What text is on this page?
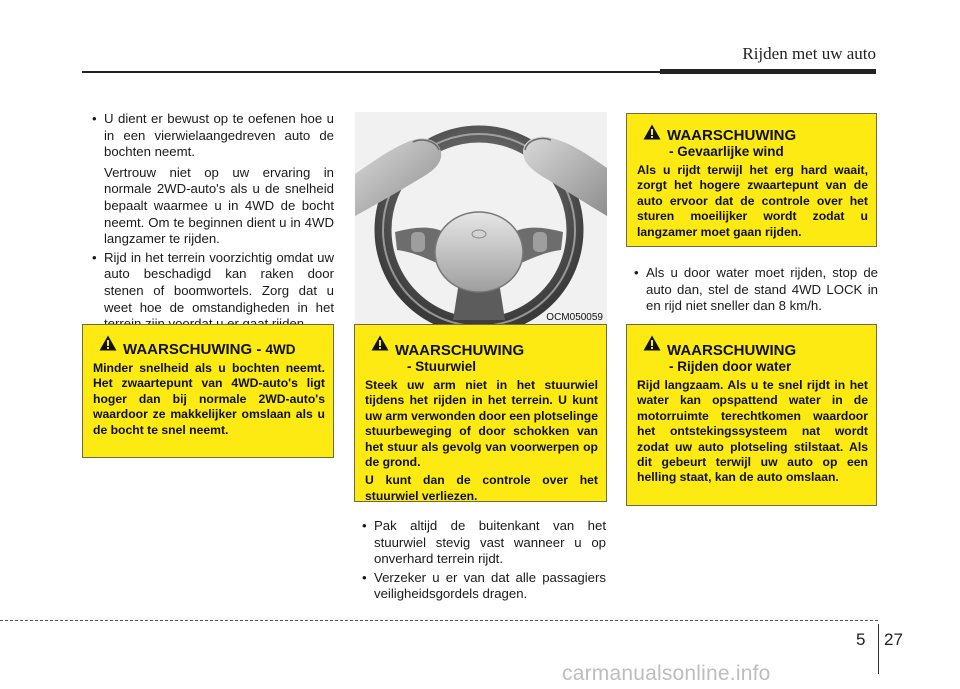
Rijden met uw auto

• U dient er bewust op te oefenen hoe u in een vierwielaangedreven auto de bochten neemt.

Vertrouw niet op uw ervaring in normale 2WD-auto's als u de snelheid bepaalt waarmee u in 4WD de bocht neemt. Om te beginnen dient u in 4WD langzamer te rijden.

• Rijd in het terrein voorzichtig omdat uw auto beschadigd kan raken door stenen of boomwortels. Zorg dat u weet hoe de omstandigheden in het

WAARSCHUWING - 4WD
Minder snelheid als u bochten neemt. Het zwaartepunt van 4WD-auto's ligt hoger dan bij normale 2WD-auto's waardoor ze makkelijker omslaan als u de bocht te snel neemt.
OCM050059
WAARSCHUWING
- Stuurwiel

Steek uw arm niet in het stuurwiel tijdens het rijden in het terrein. U kunt uw arm verwonden door een plotselinge stuurbeweging of door schokken van het stuur als gevolg van voorwerpen op de grond.

U kunt dan de controle over het stuurwiel verliezen.

• Pak altijd de buitenkant van het stuurwiel stevig vast wanneer u op onverhard terrein rijdt.

• Verzeker u er van dat alle passagiers veiligheidsgordels dragen.

WAARSCHUWING
- Gevaarlijke wind
Als u rijdt terwijl het erg hard waait, zorgt het hogere zwaartepunt van de auto ervoor dat de controle over het sturen moeilijker wordt zodat u langzamer moet gaan rijden.

• Als u door water moet rijden, stop de auto dan, stel de stand 4WD LOCK in en rijd niet sneller dan 8 km/h.

WAARSCHUWING
- Rijden door water
Rijd langzaam. Als u te snel rijdt in het water kan opspattend water in de motorruimte terechtkomen waardoor het ontstekingssysteem nat wordt zodat uw auto plotseling stilstaat. Als dit gebeurt terwijl uw auto op een helling staat, kan de auto omslaan.
5 27
carmanualsonline.info
